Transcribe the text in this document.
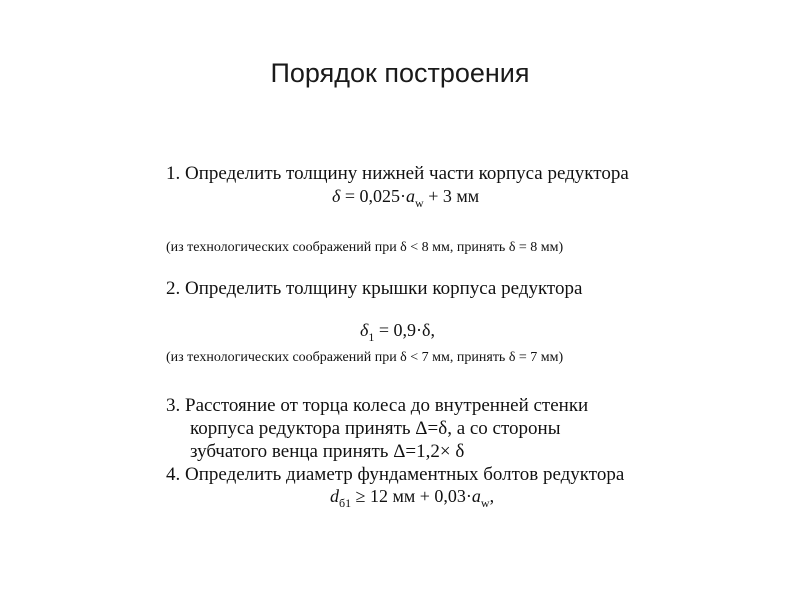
Порядок построения
1. Определить толщину нижней части корпуса редуктора
$\delta = 0,025\cdot a_w + 3$ мм
(из технологических соображений при δ < 8 мм, принять δ = 8 мм)
2. Определить толщину крышки корпуса редуктора
$\delta_1 = 0,9\cdot\delta$,
(из технологических соображений при δ < 7 мм, принять δ = 7 мм)
3. Расстояние от торца колеса до внутренней стенки
корпуса редуктора принять Δ=δ, а со стороны
зубчатого венца принять Δ=1,2× δ
4. Определить диаметр фундаментных болтов редуктора
$d_{б1} \ge 12$ мм + $0,03\cdot a_w$,
